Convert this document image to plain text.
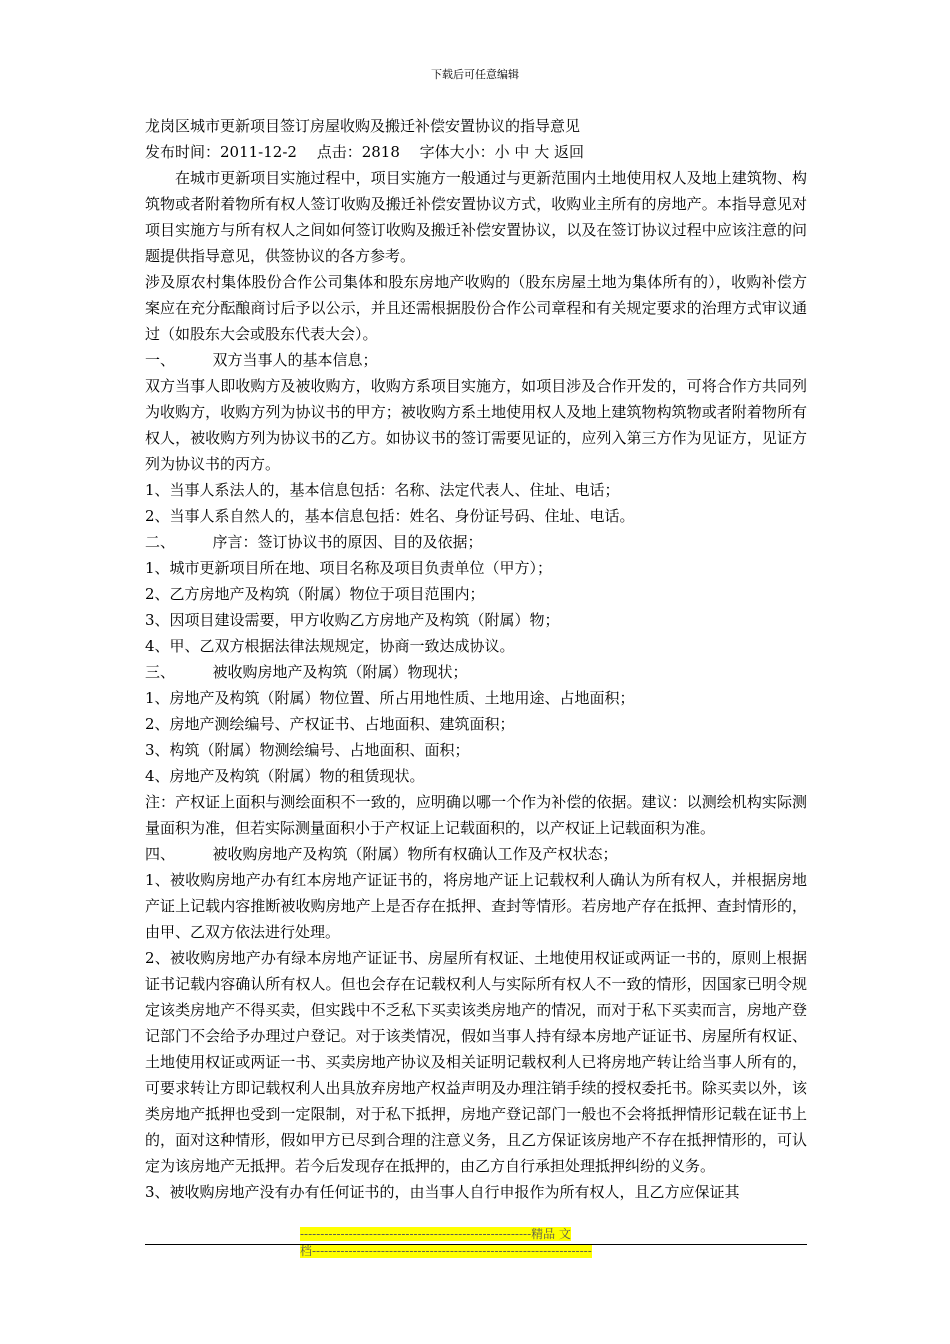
下载后可任意编辑

龙岗区城市更新项目签订房屋收购及搬迁补偿安置协议的指导意见

发布时间：2011-12-2　 点击：2818　 字体大小：小 中 大 返回

在城市更新项目实施过程中，项目实施方一般通过与更新范围内土地使用权人及地上建筑物、构筑物或者附着物所有权人签订收购及搬迁补偿安置协议方式，收购业主所有的房地产。本指导意见对项目实施方与所有权人之间如何签订收购及搬迁补偿安置协议，以及在签订协议过程中应该注意的问题提供指导意见，供签协议的各方参考。

涉及原农村集体股份合作公司集体和股东房地产收购的（股东房屋土地为集体所有的），收购补偿方案应在充分酝酿商讨后予以公示，并且还需根据股份合作公司章程和有关规定要求的治理方式审议通过（如股东大会或股东代表大会）。

一、　　　双方当事人的基本信息；

双方当事人即收购方及被收购方，收购方系项目实施方，如项目涉及合作开发的，可将合作方共同列为收购方，收购方列为协议书的甲方；被收购方系土地使用权人及地上建筑物构筑物或者附着物所有权人，被收购方列为协议书的乙方。如协议书的签订需要见证的，应列入第三方作为见证方，见证方列为协议书的丙方。

1、当事人系法人的，基本信息包括：名称、法定代表人、住址、电话；

2、当事人系自然人的，基本信息包括：姓名、身份证号码、住址、电话。

二、　　　序言：签订协议书的原因、目的及依据；

1、城市更新项目所在地、项目名称及项目负责单位（甲方）；

2、乙方房地产及构筑（附属）物位于项目范围内；

3、因项目建设需要，甲方收购乙方房地产及构筑（附属）物；

4、甲、乙双方根据法律法规规定，协商一致达成协议。

三、　　　被收购房地产及构筑（附属）物现状；

1、房地产及构筑（附属）物位置、所占用地性质、土地用途、占地面积；

2、房地产测绘编号、产权证书、占地面积、建筑面积；

3、构筑（附属）物测绘编号、占地面积、面积；

4、房地产及构筑（附属）物的租赁现状。

注：产权证上面积与测绘面积不一致的，应明确以哪一个作为补偿的依据。建议：以测绘机构实际测量面积为准，但若实际测量面积小于产权证上记载面积的，以产权证上记载面积为准。

四、　　　被收购房地产及构筑（附属）物所有权确认工作及产权状态；

1、被收购房地产办有红本房地产证证书的，将房地产证上记载权利人确认为所有权人，并根据房地产证上记载内容推断被收购房地产上是否存在抵押、查封等情形。若房地产存在抵押、查封情形的，由甲、乙双方依法进行处理。

2、被收购房地产办有绿本房地产证证书、房屋所有权证、土地使用权证或两证一书的，原则上根据证书记载内容确认所有权人。但也会存在记载权利人与实际所有权人不一致的情形，因国家已明令规定该类房地产不得买卖，但实践中不乏私下买卖该类房地产的情况，而对于私下买卖而言，房地产登记部门不会给予办理过户登记。对于该类情况，假如当事人持有绿本房地产证证书、房屋所有权证、土地使用权证或两证一书、买卖房地产协议及相关证明记载权利人已将房地产转让给当事人所有的，可要求转让方即记载权利人出具放弃房地产权益声明及办理注销手续的授权委托书。除买卖以外，该类房地产抵押也受到一定限制，对于私下抵押，房地产登记部门一般也不会将抵押情形记载在证书上的，面对这种情形，假如甲方已尽到合理的注意义务，且乙方保证该房地产不存在抵押情形的，可认定为该房地产无抵押。若今后发现存在抵押的，由乙方自行承担处理抵押纠纷的义务。

3、被收购房地产没有办有任何证书的，由当事人自行申报作为所有权人，且乙方应保证其

---------------------------------------------------------精品 文
档---------------------------------------------------------------------
